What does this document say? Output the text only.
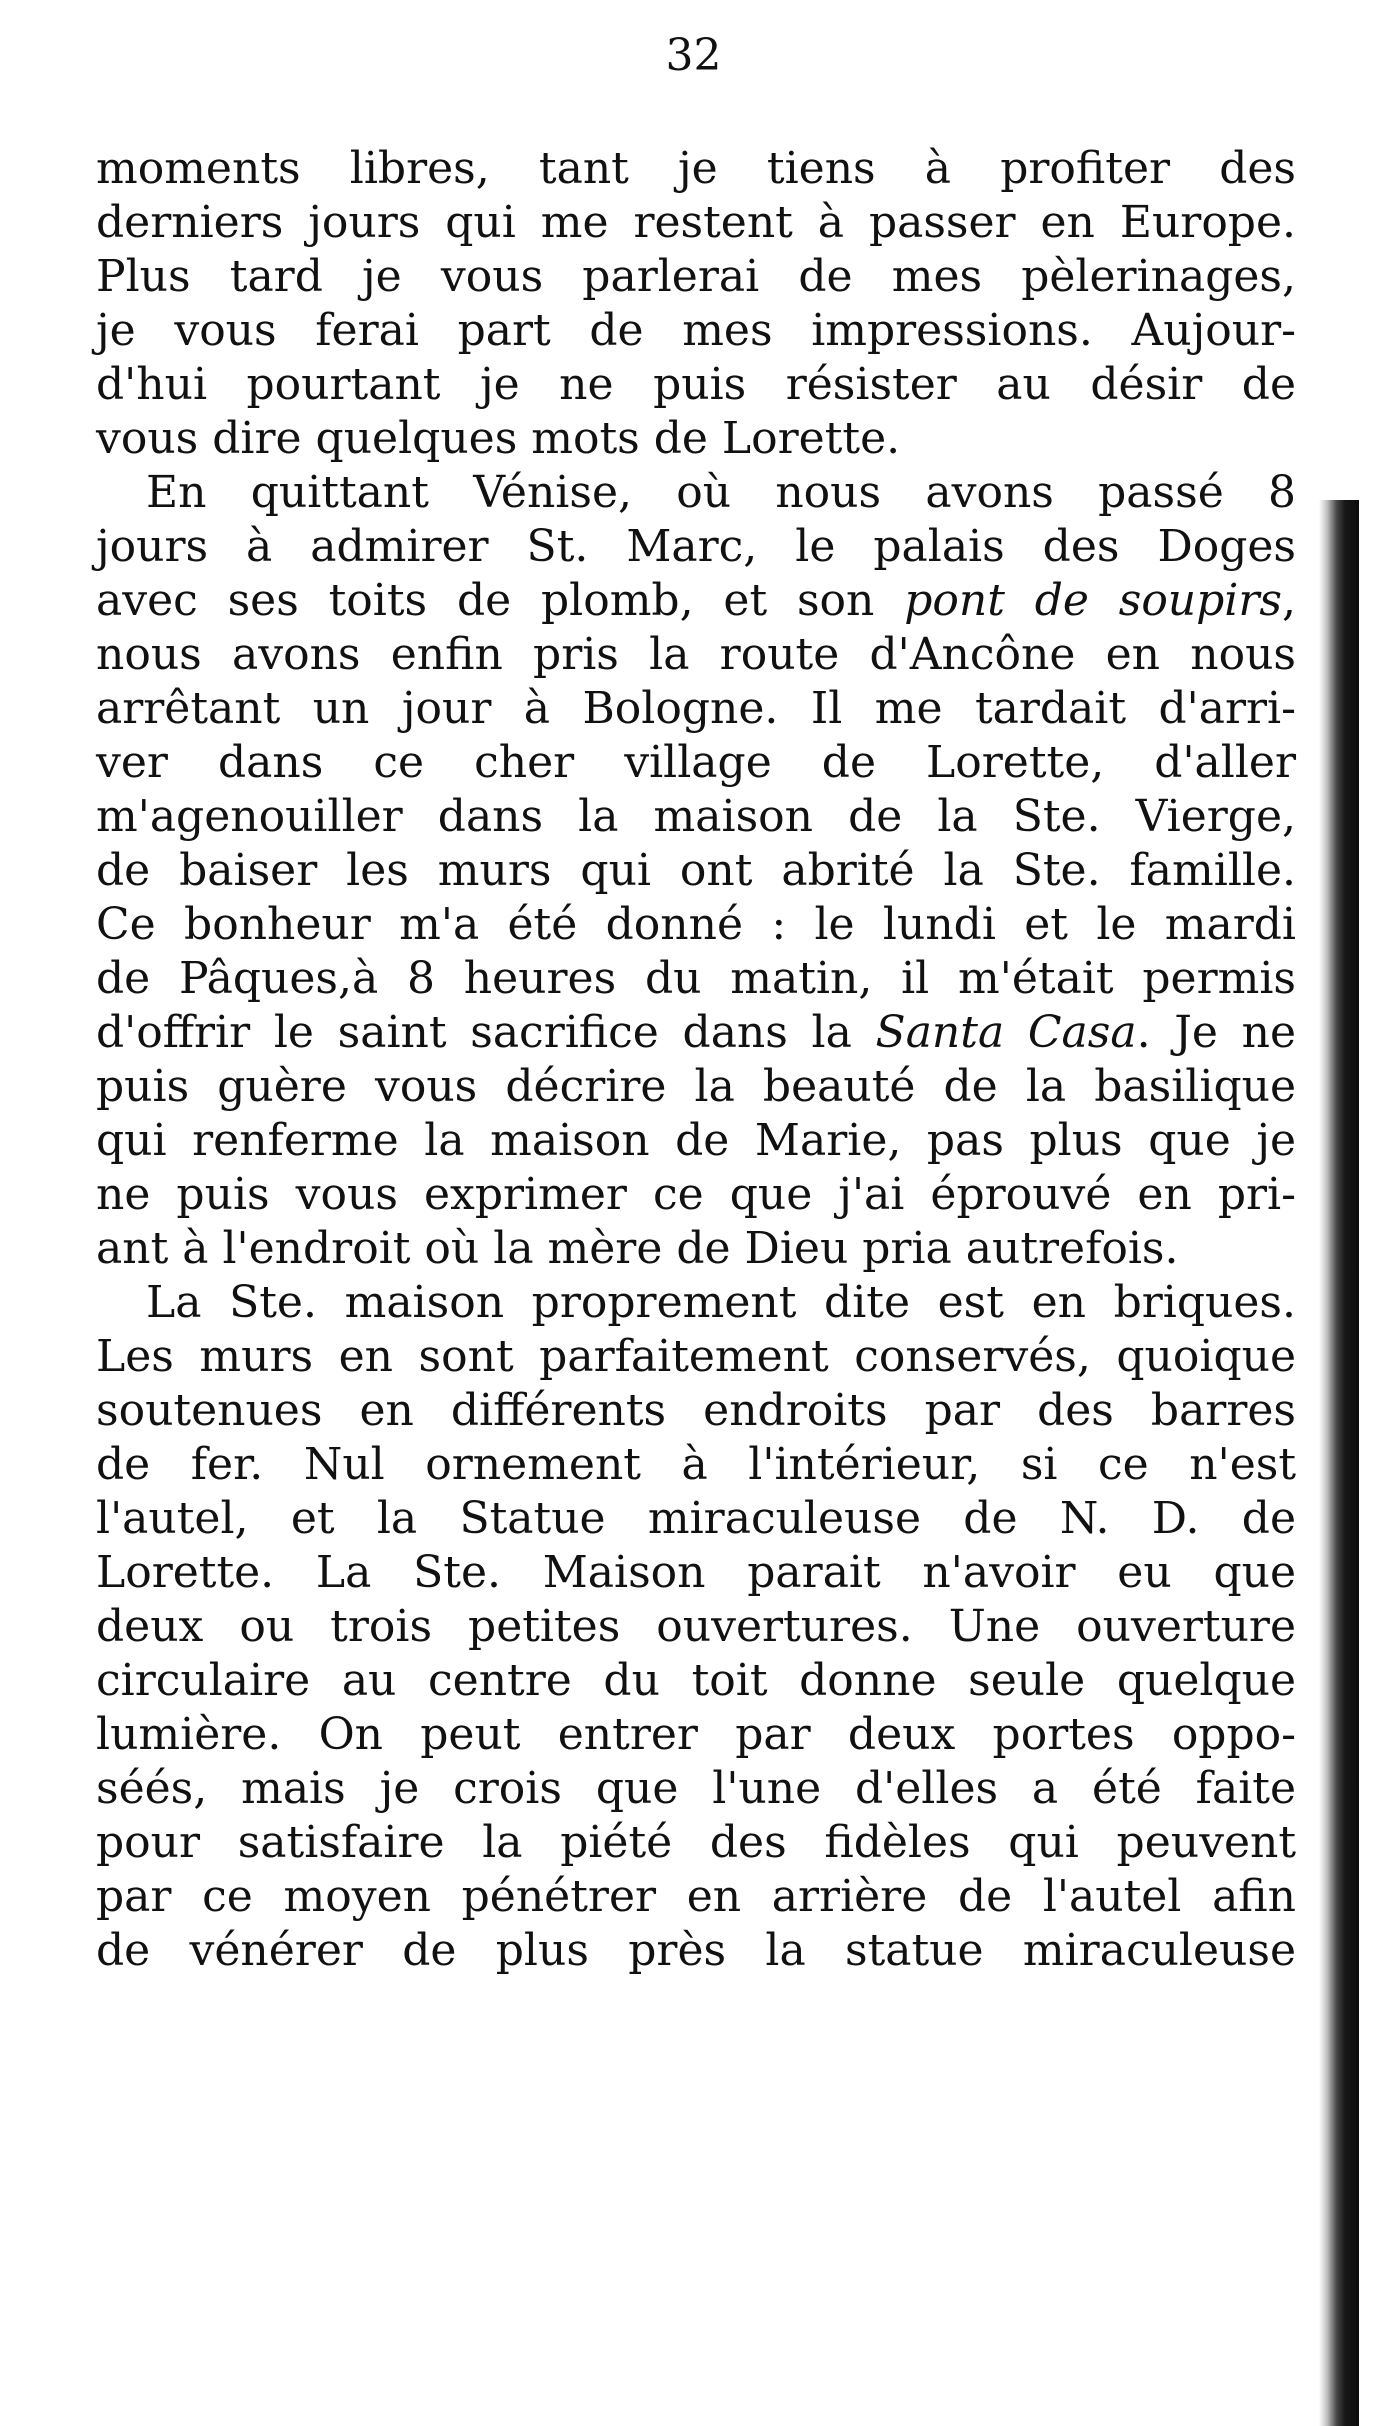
32
moments libres, tant je tiens à profiter des
derniers jours qui me restent à passer en Europe.
Plus tard je vous parlerai de mes pèlerinages,
je vous ferai part de mes impressions. Aujour-
d'hui pourtant je ne puis résister au désir de
vous dire quelques mots de Lorette.
En quittant Vénise, où nous avons passé 8
jours à admirer St. Marc, le palais des Doges
avec ses toits de plomb, et son pont de soupirs,
nous avons enfin pris la route d'Ancône en nous
arrêtant un jour à Bologne. Il me tardait d'arri-
ver dans ce cher village de Lorette, d'aller
m'agenouiller dans la maison de la Ste. Vierge,
de baiser les murs qui ont abrité la Ste. famille.
Ce bonheur m'a été donné : le lundi et le mardi
de Pâques,à 8 heures du matin, il m'était permis
d'offrir le saint sacrifice dans la Santa Casa. Je ne
puis guère vous décrire la beauté de la basilique
qui renferme la maison de Marie, pas plus que je
ne puis vous exprimer ce que j'ai éprouvé en pri-
ant à l'endroit où la mère de Dieu pria autrefois.
La Ste. maison proprement dite est en briques.
Les murs en sont parfaitement conservés, quoique
soutenues en différents endroits par des barres
de fer. Nul ornement à l'intérieur, si ce n'est
l'autel, et la Statue miraculeuse de N. D. de
Lorette. La Ste. Maison parait n'avoir eu que
deux ou trois petites ouvertures. Une ouverture
circulaire au centre du toit donne seule quelque
lumière. On peut entrer par deux portes oppo-
séés, mais je crois que l'une d'elles a été faite
pour satisfaire la piété des fidèles qui peuvent
par ce moyen pénétrer en arrière de l'autel afin
de vénérer de plus près la statue miraculeuse
